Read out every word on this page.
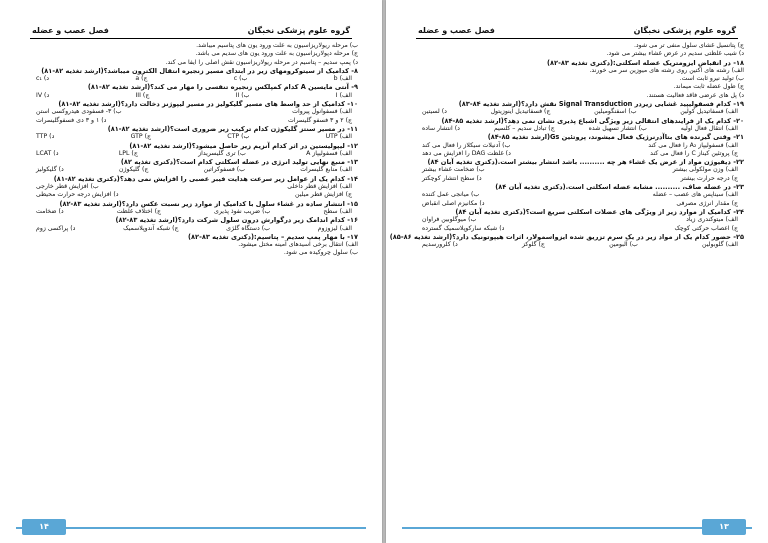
گروه علوم پزشکی نخبگان
فصل عصب و عضله
ب) مرحله ریولاریزاسیون به علت ورود یون های پتاسیم میباشد.
ج) مرحله دپولاریزاسیون به علت ورود یون های سدیم می باشد.
د) پمپ سدیم – پتاسیم در مرحله ریولاریزاسیون نقش اصلی را ایفا می کند.
۸- کدامیک از سیتوکرومهای زیر در ابتدای مسیر زنجیره انتقال الکترون میباشد؟(ارشد تغذیه ۸۲-۸۱)
الف) b
ب) c
ج) a
د) c₁
۹- آنتی مایسین A کدام کمپلکس زنجیره تنفسی را مهار می کند؟(ارشد تغذیه ۸۲-۸۱)
الف) I
ب) II
ج) III
د) IV
۱۰- کدامیک از حد واسط های مسیر گلیکولیز در مسیر لیپوژنز دخالت دارد؟(ارشد تغذیه ۸۲-۸۱)
الف) فسفوانول پیروات
ب) ۳- فسفودی هیدروکسی استن
ج) ۲ و ۳ فسفو گلیسرات
د) ۱ و ۳ دی فسفوگلیسرات
۱۱- در مسیر سنتز گلیکوژن کدام ترکیب زیر ضروری است؟(ارشد تغذیه ۸۲-۸۱)
الف) UTP
ب) CTP
ج) GTP
د) TTP
۱۲- لیپولیستین در اثر کدام آنزیم زیر حاصل میشود؟(ارشد تغذیه ۸۲-۸۱)
الف) فسفولیپاز A
ب) تری گلیسریداز
ج) LPL
د) LCAT
۱۳- منبع نهایی تولید انرژی در عضله اسکلتی کدام است؟(دکتری تغذیه ۸۲)
الف) منابع گلیسرات
ب) فسفوکراتین
ج) گلیکوژن
د) گلیکولیز
۱۴- کدام یک از عوامل زیر سرعت هدایت فیبر عصبی را افزایش نمی دهد؟(دکتری تغذیه ۸۲-۸۱)
الف) افزایش قطر داخلی
ب) افزایش قطر خارجی
ج) افزایش قطر میلین
د) افزایش درجه حرارت محیطی
۱۵- انتشار ساده در غشاء سلول با کدامیک از موارد زیر نسبت عکس دارد؟(ارشد تغذیه ۸۳-۸۲)
الف) سطح
ب) ضریب نفوذ پذیری
ج) اختلاف غلظت
د) ضخامت
۱۶- کدام اندامک زیر درگوارش درون سلول شرکت دارد؟(ارشد تغذیه ۸۳-۸۲)
الف) لیزوزوم
ب) دستگاه گلژی
ج) شبکه آندوپلاسمیک
د) پراکسی زوم
۱۷- با مهار پمپ سدیم – پتاسیم:(دکتری تغذیه ۸۳-۸۲)
الف) انتقال برخی اسیدهای آمینه مختل میشود.
ب) سلول چروکیده می شود.
۱۴
گروه علوم پزشکی نخبگان
فصل عصب و عضله
ج) پتانسیل غشای سلول منفی تر می شود.
د) شیب غلظتی سدیم در عرض غشاء بیشتر می شود.
۱۸- در انقباض ایزومتریک عضله اسکلتی:(دکتری تغذیه ۸۳-۸۲)
الف) رشته های اکتین روی رشته های میوزین سر می خورند.
ب) تولید نیرو ثابت است.
ج) طول عضله ثابت میماند.
د) پل های عرضی فاقد فعالیت هستند.
۱۹- کدام فسفولیپید غشایی زیردر Signal Transduction نقش دارد؟(ارشد تغذیه ۸۴-۸۳)
الف) فسفاتیدیل کولین
ب) اسفنگومیلین
ج) فسفاتیدیل اینوزیتول
د) لسیتین
۲۰- کدام یک از فرایندهای انتقالی زیر ویژگی اشباع پذیری نشان نمی دهد؟(ارشد تغذیه ۸۵-۸۴)
الف) انتقال فعال اولیه
ب) انتشار تسهیل شده
ج) تبادل سدیم – کلسیم
د) انتشار ساده
۲۱- وقتی گیرنده های بتاآدرنرژیک فعال میشوند، پروتئین Gs(ارشد تغذیه ۸۵-۸۴)
الف) فسفولیپاز A₂ را فعال می کند
ب) آدنیلات سیکلاز را فعال می کند
ج) پروتئین کیناز C را فعال می کند
د) غلظت DAG را افزایش می دهد
۲۲- دیفیوژن مواد از عرض یک غشاء هر چه .......... باشد انتشار بیشتر است.(دکتری تغذیه آبان ۸۴)
الف) وزن مولکولی بیشتر
ب) ضخامت غشاء بیشتر
ج) درجه حرارت بیشتر
د) سطح انتشار کوچکتر
۲۳- در عضله صاف، .......... مشابه عضله اسکلتی است.(دکتری تغذیه آبان ۸۴)
الف) سیناپس های عصب – عضله
ب) میانجی عمل کننده
ج) مقدار انرژی مصرفی
د) مکانیزم اصلی انقباض
۲۴- کدامیک از موارد زیر از ویژگی های عضلات اسکلتی سریع است؟(دکتری تغذیه آبان ۸۴)
الف) میتوکندری زیاد
ب) میوگلوبین فراوان
ج) اعصاب حرکتی کوچک
د) شبکه سارکوپلاسمیک گسترده
۲۵- حضور کدام یک از مواد زیر در یک سرم تزریق شده ایزواسمولار، اثرات هیپوتونیک دارد؟(ارشد تغذیه ۸۶-۸۵)
الف) گلوبولین
ب) آلبومین
ج) گلوکز
د) کلرورسدیم
۱۳
